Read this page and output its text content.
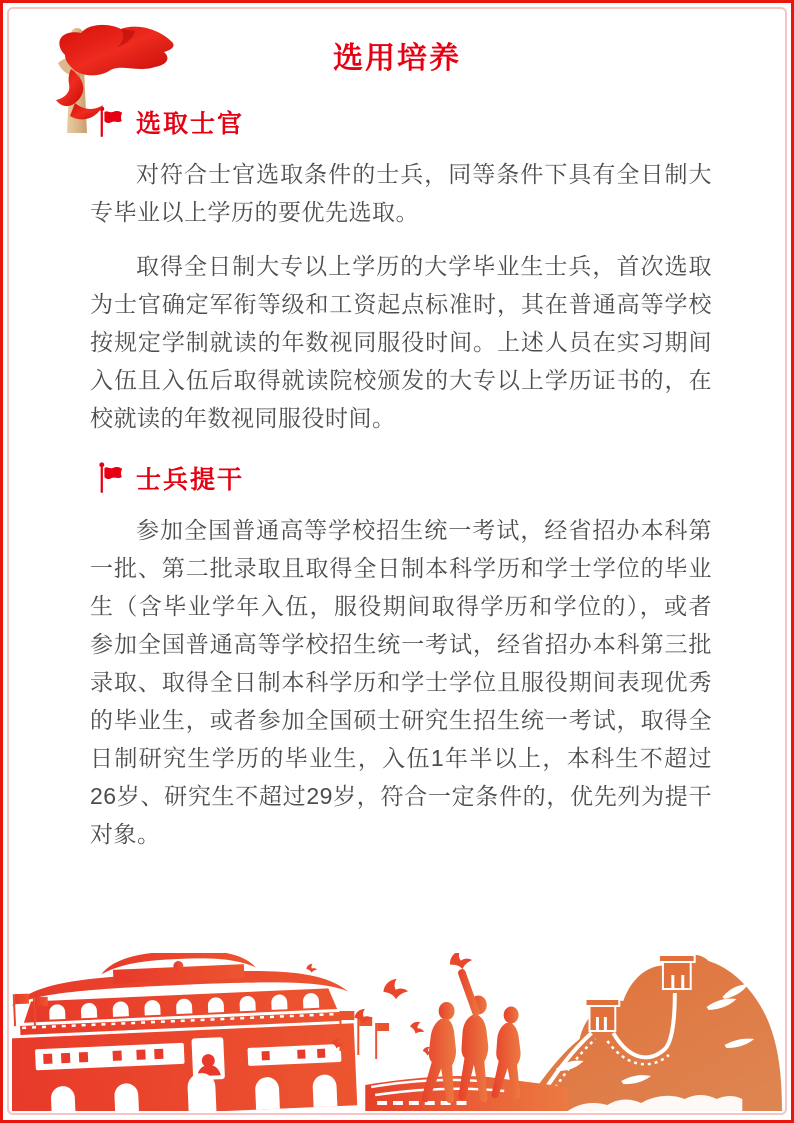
选用培养
选取士官

对符合士官选取条件的士兵，同等条件下具有全日制大专毕业以上学历的要优先选取。

取得全日制大专以上学历的大学毕业生士兵，首次选取为士官确定军衔等级和工资起点标准时，其在普通高等学校按规定学制就读的年数视同服役时间。上述人员在实习期间入伍且入伍后取得就读院校颁发的大专以上学历证书的，在校就读的年数视同服役时间。

士兵提干

参加全国普通高等学校招生统一考试，经省招办本科第一批、第二批录取且取得全日制本科学历和学士学位的毕业生（含毕业学年入伍，服役期间取得学历和学位的），或者参加全国普通高等学校招生统一考试，经省招办本科第三批录取、取得全日制本科学历和学士学位且服役期间表现优秀的毕业生，或者参加全国硕士研究生招生统一考试，取得全日制研究生学历的毕业生，入伍1年半以上，本科生不超过26岁、研究生不超过29岁，符合一定条件的，优先列为提干对象。
